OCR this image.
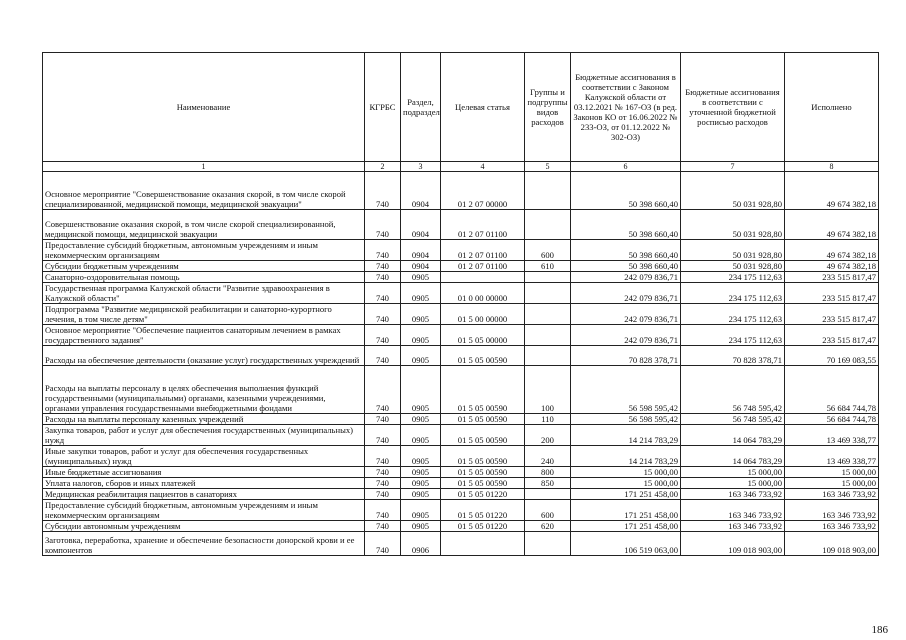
Наименование	КГРБС	Раздел, подраздел	Целевая статья	Группы и подгруппы видов расходов	Бюджетные ассигнования в соответствии с Законом Калужской области от 03.12.2021 № 167-ОЗ (в ред. Законов КО от 16.06.2022 № 233-ОЗ, от 01.12.2022 № 302-ОЗ)	Бюджетные ассигнования в соответствии с уточненной бюджетной росписью расходов	Исполнено
1	2	3	4	5	6	7	8
Основное мероприятие "Совершенствование оказания скорой, в том числе скорой специализированной, медицинской помощи, медицинской эвакуации"	740	0904	01 2 07 00000		50 398 660,40	50 031 928,80	49 674 382,18
Совершенствование оказания скорой, в том числе скорой специализированной, медицинской помощи, медицинской эвакуации	740	0904	01 2 07 01100		50 398 660,40	50 031 928,80	49 674 382,18
Предоставление субсидий бюджетным, автономным учреждениям и иным некоммерческим организациям	740	0904	01 2 07 01100	600	50 398 660,40	50 031 928,80	49 674 382,18
Субсидии бюджетным учреждениям	740	0904	01 2 07 01100	610	50 398 660,40	50 031 928,80	49 674 382,18
Санаторно-оздоровительная помощь	740	0905			242 079 836,71	234 175 112,63	233 515 817,47
Государственная программа Калужской области "Развитие здравоохранения в Калужской области"	740	0905	01 0 00 00000		242 079 836,71	234 175 112,63	233 515 817,47
Подпрограмма "Развитие медицинской реабилитации и санаторно-курортного лечения, в том числе детям"	740	0905	01 5 00 00000		242 079 836,71	234 175 112,63	233 515 817,47
Основное мероприятие "Обеспечение пациентов санаторным лечением в рамках государственного задания"	740	0905	01 5 05 00000		242 079 836,71	234 175 112,63	233 515 817,47
Расходы на обеспечение деятельности (оказание услуг) государственных учреждений	740	0905	01 5 05 00590		70 828 378,71	70 828 378,71	70 169 083,55
Расходы на выплаты персоналу в целях обеспечения выполнения функций государственными (муниципальными) органами, казенными учреждениями, органами управления государственными внебюджетными фондами	740	0905	01 5 05 00590	100	56 598 595,42	56 748 595,42	56 684 744,78
Расходы на выплаты персоналу казенных учреждений	740	0905	01 5 05 00590	110	56 598 595,42	56 748 595,42	56 684 744,78
Закупка товаров, работ и услуг для обеспечения государственных (муниципальных) нужд	740	0905	01 5 05 00590	200	14 214 783,29	14 064 783,29	13 469 338,77
Иные закупки товаров, работ и услуг для обеспечения государственных (муниципальных) нужд	740	0905	01 5 05 00590	240	14 214 783,29	14 064 783,29	13 469 338,77
Иные бюджетные ассигнования	740	0905	01 5 05 00590	800	15 000,00	15 000,00	15 000,00
Уплата налогов, сборов и иных платежей	740	0905	01 5 05 00590	850	15 000,00	15 000,00	15 000,00
Медицинская реабилитация пациентов в санаториях	740	0905	01 5 05 01220		171 251 458,00	163 346 733,92	163 346 733,92
Предоставление субсидий бюджетным, автономным учреждениям и иным некоммерческим организациям	740	0905	01 5 05 01220	600	171 251 458,00	163 346 733,92	163 346 733,92
Субсидии автономным учреждениям	740	0905	01 5 05 01220	620	171 251 458,00	163 346 733,92	163 346 733,92
Заготовка, переработка, хранение и обеспечение безопасности донорской крови и ее компонентов	740	0906			106 519 063,00	109 018 903,00	109 018 903,00
186
